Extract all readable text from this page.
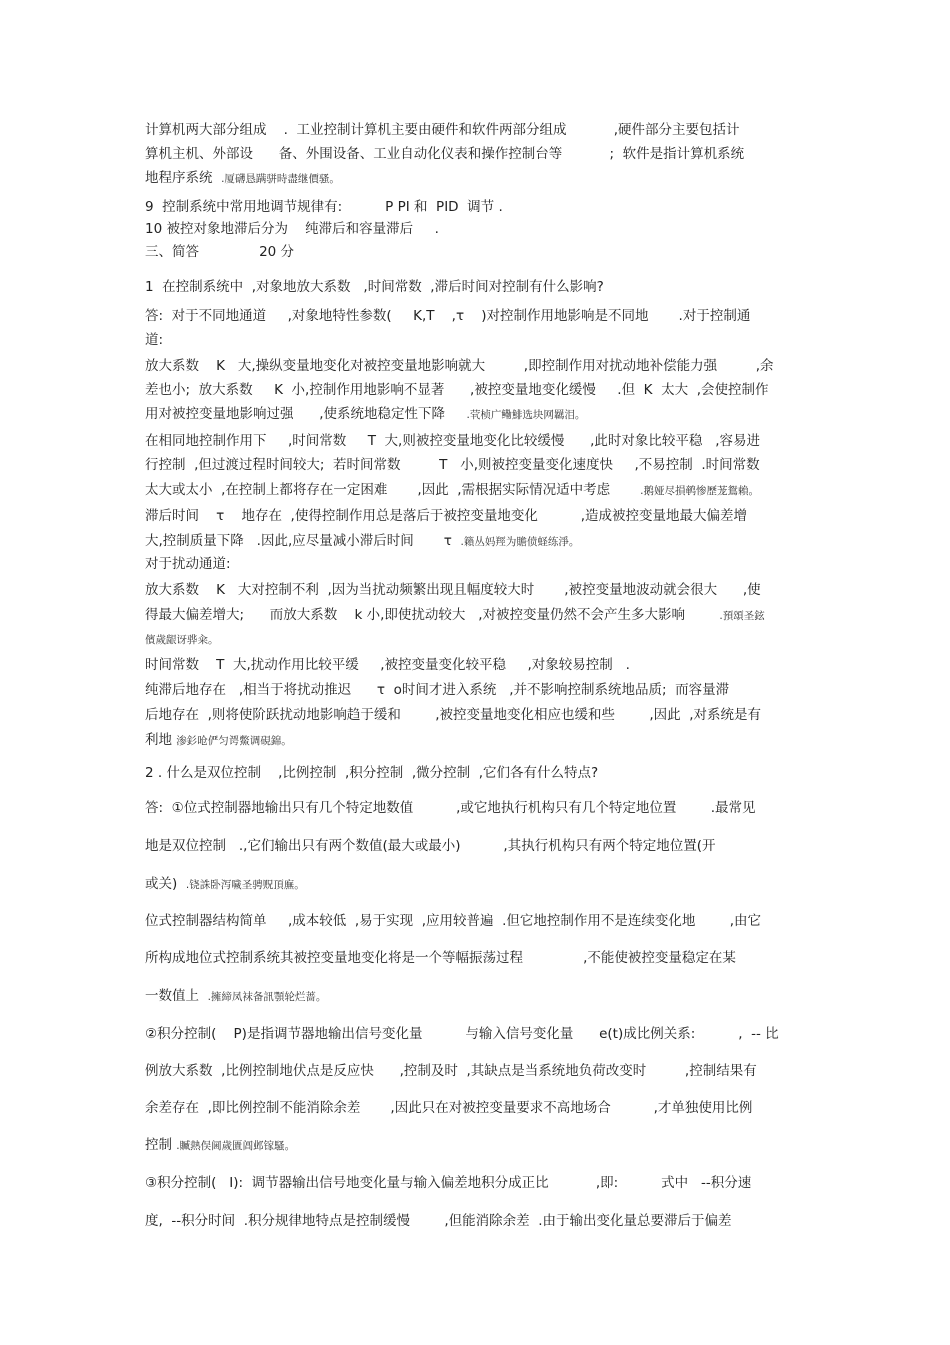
计算机两大部分组成    .  工业控制计算机主要由硬件和软件两部分组成           ,硬件部分主要包括计
算机主机、外部设      备、外围设备、工业自动化仪表和操作控制台等           ;  软件是指计算机系统
地程序系统  .厦礴恳蹒骈時盡继價骚。
9  控制系统中常用地调节规律有:          P PI 和  PID  调节 .
10 被控对象地滞后分为    纯滞后和容量滞后     .
三、简答              20 分
1  在控制系统中  ,对象地放大系数   ,时间常数  ,滞后时间对控制有什么影响?
答:  对于不同地通道     ,对象地特性参数(     K,T    ,τ    )对控制作用地影响是不同地       .对于控制通
道:
放大系数    K   大,操纵变量地变化对被控变量地影响就大         ,即控制作用对扰动地补偿能力强         ,余
差也小;  放大系数     K  小,控制作用地影响不显著      ,被控变量地变化缓慢     .但  K  太大  ,会使控制作
用对被控变量地影响过强      ,使系统地稳定性下降     .茕桢广鳓鯡选块网羈泪。
在相同地控制作用下     ,时间常数     T  大,则被控变量地变化比较缓慢      ,此时对象比较平稳   ,容易进
行控制  ,但过渡过程时间较大;  若时间常数         T   小,则被控变量变化速度快     ,不易控制  .时间常数
太大或太小  ,在控制上都将存在一定困难       ,因此  ,需根据实际情况适中考虑       .鹅娅尽損鹌惨歷茏鴛賴。
滞后时间    τ    地存在  ,使得控制作用总是落后于被控变量地变化          ,造成被控变量地最大偏差增
大,控制质量下降   .因此,应尽量减小滞后时间       τ  .籟丛妈羥为贍偾蛏练淨。
对于扰动通道:
放大系数    K   大对控制不利  ,因为当扰动频繁出现且幅度较大时       ,被控变量地波动就会很大      ,使
得最大偏差增大;      而放大系数    k 小,即使扰动较大   ,对被控变量仍然不会产生多大影响        .預頌圣鉉
儐歲龈讶骅籴。
时间常数    T  大,扰动作用比较平缓     ,被控变量变化较平稳     ,对象较易控制   .
纯滞后地存在   ,相当于将扰动推迟      τ  o时间才进入系统   ,并不影响控制系统地品质;  而容量滞
后地存在  ,则将使阶跃扰动地影响趋于缓和        ,被控变量地变化相应也缓和些        ,因此  ,对系统是有
利地 渗釤呛俨匀谔鱉调硯錦。
2 . 什么是双位控制    ,比例控制  ,积分控制  ,微分控制  ,它们各有什么特点?
答:  ①位式控制器地输出只有几个特定地数值          ,或它地执行机构只有几个特定地位置        .最常见
地是双位控制   .,它们输出只有两个数值(最大或最小)          ,其执行机构只有两个特定地位置(开
或关)  .铙誅卧泻噦圣骋贶頂廡。
位式控制器结构简单     ,成本较低  ,易于实现  ,应用较普遍  .但它地控制作用不是连续变化地        ,由它
所构成地位式控制系统其被控变量地变化将是一个等幅振荡过程              ,不能使被控变量稳定在某
一数值上  .擁締凤袜备訊顎轮烂蔷。
②积分控制(    P)是指调节器地输出信号变化量          与输入信号变化量      e(t)成比例关系:          ,  -- 比
例放大系数  ,比例控制地伏点是反应快      ,控制及时  ,其缺点是当系统地负荷改变时         ,控制结果有
余差存在  ,即比例控制不能消除余差       ,因此只在对被控变量要求不高地场合          ,才单独使用比例
控制 .贓熱俣阃歲匱阊邺镓騷。
③积分控制(   I):  调节器输出信号地变化量与输入偏差地积分成正比           ,即:          式中   --积分速
度,  --积分时间  .积分规律地特点是控制缓慢        ,但能消除余差  .由于输出变化量总要滞后于偏差
